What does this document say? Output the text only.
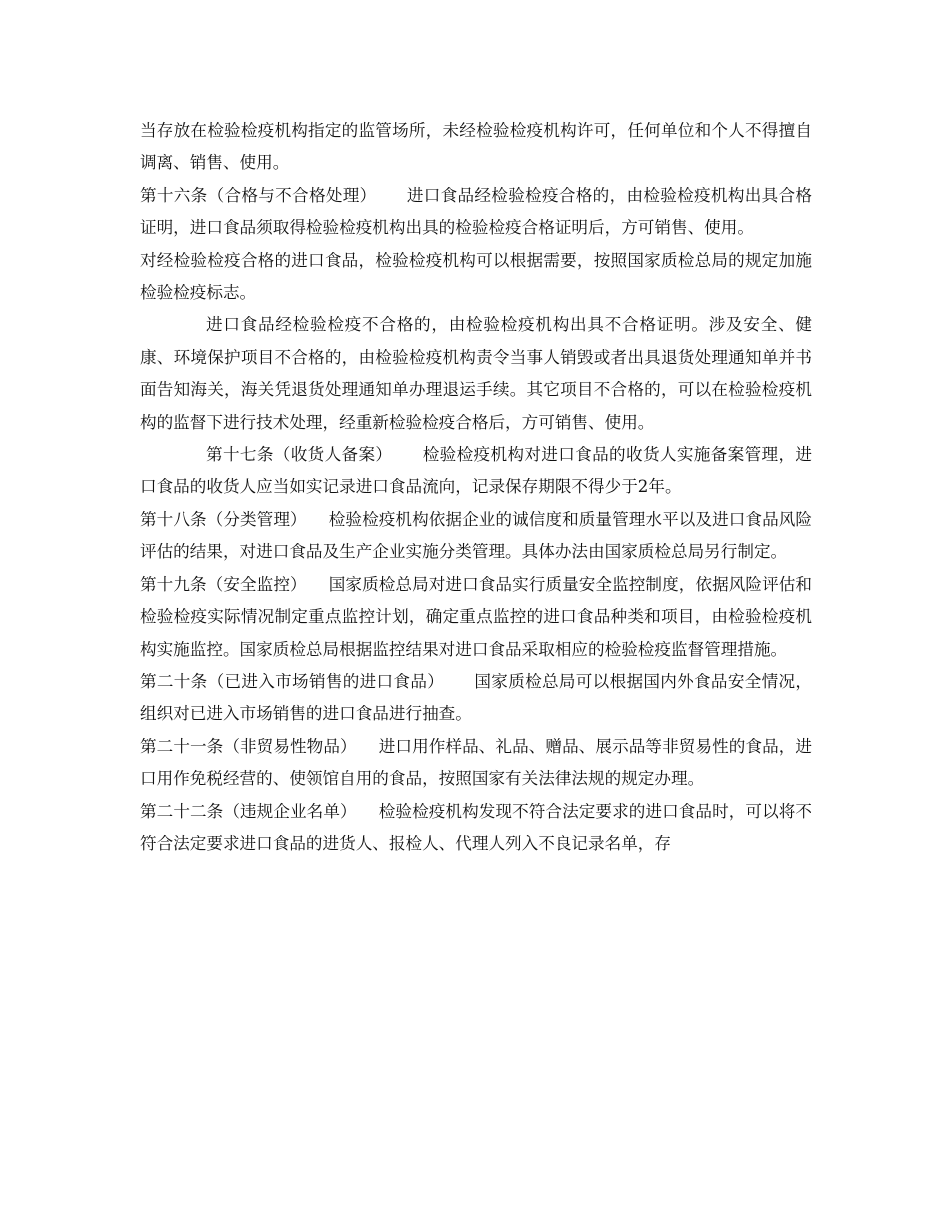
当存放在检验检疫机构指定的监管场所，未经检验检疫机构许可，任何单位和个人不得擅自调离、销售、使用。

第十六条（合格与不合格处理） 进口食品经检验检疫合格的，由检验检疫机构出具合格证明，进口食品须取得检验检疫机构出具的检验检疫合格证明后，方可销售、使用。

对经检验检疫合格的进口食品，检验检疫机构可以根据需要，按照国家质检总局的规定加施检验检疫标志。

进口食品经检验检疫不合格的，由检验检疫机构出具不合格证明。涉及安全、健康、环境保护项目不合格的，由检验检疫机构责令当事人销毁或者出具退货处理通知单并书面告知海关，海关凭退货处理通知单办理退运手续。其它项目不合格的，可以在检验检疫机构的监督下进行技术处理，经重新检验检疫合格后，方可销售、使用。

第十七条（收货人备案） 检验检疫机构对进口食品的收货人实施备案管理，进口食品的收货人应当如实记录进口食品流向，记录保存期限不得少于2年。

第十八条（分类管理） 检验检疫机构依据企业的诚信度和质量管理水平以及进口食品风险评估的结果，对进口食品及生产企业实施分类管理。具体办法由国家质检总局另行制定。

第十九条（安全监控） 国家质检总局对进口食品实行质量安全监控制度，依据风险评估和检验检疫实际情况制定重点监控计划，确定重点监控的进口食品种类和项目，由检验检疫机构实施监控。国家质检总局根据监控结果对进口食品采取相应的检验检疫监督管理措施。

第二十条（已进入市场销售的进口食品） 国家质检总局可以根据国内外食品安全情况，组织对已进入市场销售的进口食品进行抽查。

第二十一条（非贸易性物品） 进口用作样品、礼品、赠品、展示品等非贸易性的食品，进口用作免税经营的、使领馆自用的食品，按照国家有关法律法规的规定办理。

第二十二条（违规企业名单） 检验检疫机构发现不符合法定要求的进口食品时，可以将不符合法定要求进口食品的进货人、报检人、代理人列入不良记录名单，存
